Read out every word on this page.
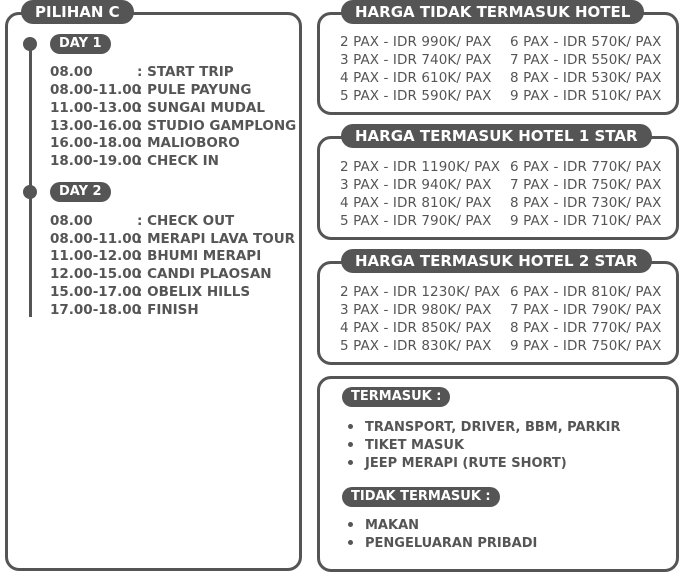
PILIHAN C
DAY 1
DAY 2
08.00	: START TRIP
08.00-11.00: PULE PAYUNG
11.00-13.00: SUNGAI MUDAL
13.00-16.00: STUDIO GAMPLONG
16.00-18.00: MALIOBORO
18.00-19.00: CHECK IN
08.00	: CHECK OUT
08.00-11.00: MERAPI LAVA TOUR
11.00-12.00: BHUMI MERAPI
12.00-15.00: CANDI PLAOSAN
15.00-17.00: OBELIX HILLS
17.00-18.00: FINISH
HARGA TIDAK TERMASUK HOTEL
2 PAX - IDR 990K/ PAX
3 PAX - IDR 740K/ PAX
4 PAX - IDR 610K/ PAX
5 PAX - IDR 590K/ PAX
6 PAX - IDR 570K/ PAX
7 PAX - IDR 550K/ PAX
8 PAX - IDR 530K/ PAX
9 PAX - IDR 510K/ PAX
HARGA TERMASUK HOTEL 1 STAR
2 PAX - IDR 1190K/ PAX
3 PAX - IDR 940K/ PAX
4 PAX - IDR 810K/ PAX
5 PAX - IDR 790K/ PAX
6 PAX - IDR 770K/ PAX
7 PAX - IDR 750K/ PAX
8 PAX - IDR 730K/ PAX
9 PAX - IDR 710K/ PAX
HARGA TERMASUK HOTEL 2 STAR
2 PAX - IDR 1230K/ PAX
3 PAX - IDR 980K/ PAX
4 PAX - IDR 850K/ PAX
5 PAX - IDR 830K/ PAX
6 PAX - IDR 810K/ PAX
7 PAX - IDR 790K/ PAX
8 PAX - IDR 770K/ PAX
9 PAX - IDR 750K/ PAX
TERMASUK :
TRANSPORT, DRIVER, BBM, PARKIR
TIKET MASUK
JEEP MERAPI (RUTE SHORT)
TIDAK TERMASUK :
MAKAN
PENGELUARAN PRIBADI
